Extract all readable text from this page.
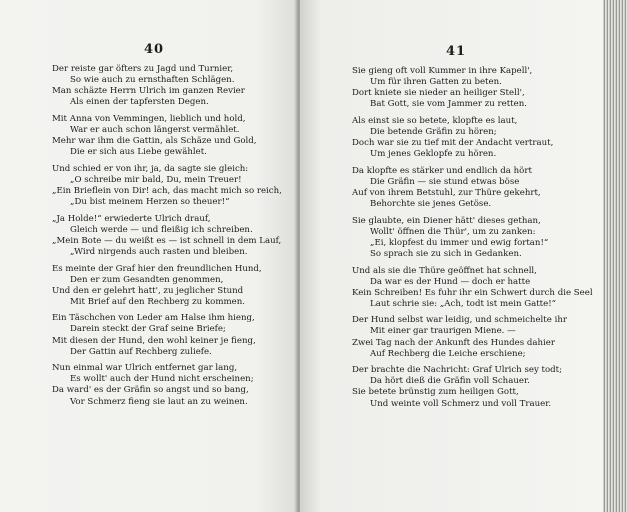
40
Der reiste gar öfters zu Jagd und Turnier,
So wie auch zu ernsthaften Schlägen.
Man schäzte Herrn Ulrich im ganzen Revier
Als einen der tapfersten Degen.
Mit Anna von Vemmingen, lieblich und hold,
War er auch schon längerst vermählet.
Mehr war ihm die Gattin, als Schäze und Gold,
Die er sich aus Liebe gewählet.
Und schied er von ihr, ja, da sagte sie gleich:
„O schreibe mir bald, Du, mein Treuer!
„Ein Brieflein von Dir! ach, das macht mich so reich,
„Du bist meinem Herzen so theuer!“
„Ja Holde!“ erwiederte Ulrich drauf,
Gleich werde — und fleißig ich schreiben.
„Mein Bote — du weißt es — ist schnell in dem Lauf,
„Wird nirgends auch rasten und bleiben.
Es meinte der Graf hier den freundlichen Hund,
Den er zum Gesandten genommen,
Und den er gelehrt hatt', zu jeglicher Stund
Mit Brief auf den Rechberg zu kommen.
Ein Täschchen von Leder am Halse ihm hieng,
Darein steckt der Graf seine Briefe;
Mit diesen der Hund, den wohl keiner je fieng,
Der Gattin auf Rechberg zuliefe.
Nun einmal war Ulrich entfernet gar lang,
Es wollt' auch der Hund nicht erscheinen;
Da ward' es der Gräfin so angst und so bang,
Vor Schmerz fieng sie laut an zu weinen.
41
Sie gieng oft voll Kummer in ihre Kapell',
Um für ihren Gatten zu beten.
Dort kniete sie nieder an heiliger Stell',
Bat Gott, sie vom Jammer zu retten.
Als einst sie so betete, klopfte es laut,
Die betende Gräfin zu hören;
Doch war sie zu tief mit der Andacht vertraut,
Um jenes Geklopfe zu hören.
Da klopfte es stärker und endlich da hört
Die Gräfin — sie stund etwas böse
Auf von ihrem Betstuhl, zur Thüre gekehrt,
Behorchte sie jenes Getöse.
Sie glaubte, ein Diener hätt' dieses gethan,
Wollt' öffnen die Thür', um zu zanken:
„Ei, klopfest du immer und ewig fortan!“
So sprach sie zu sich in Gedanken.
Und als sie die Thüre geöffnet hat schnell,
Da war es der Hund — doch er hatte
Kein Schreiben! Es fuhr ihr ein Schwert durch die Seel
Laut schrie sie: „Ach, todt ist mein Gatte!“
Der Hund selbst war leidig, und schmeichelte ihr
Mit einer gar traurigen Miene. —
Zwei Tag nach der Ankunft des Hundes dahier
Auf Rechberg die Leiche erschiene;
Der brachte die Nachricht: Graf Ulrich sey todt;
Da hört dieß die Gräfin voll Schauer.
Sie betete brünstig zum heiligen Gott,
Und weinte voll Schmerz und voll Trauer.
